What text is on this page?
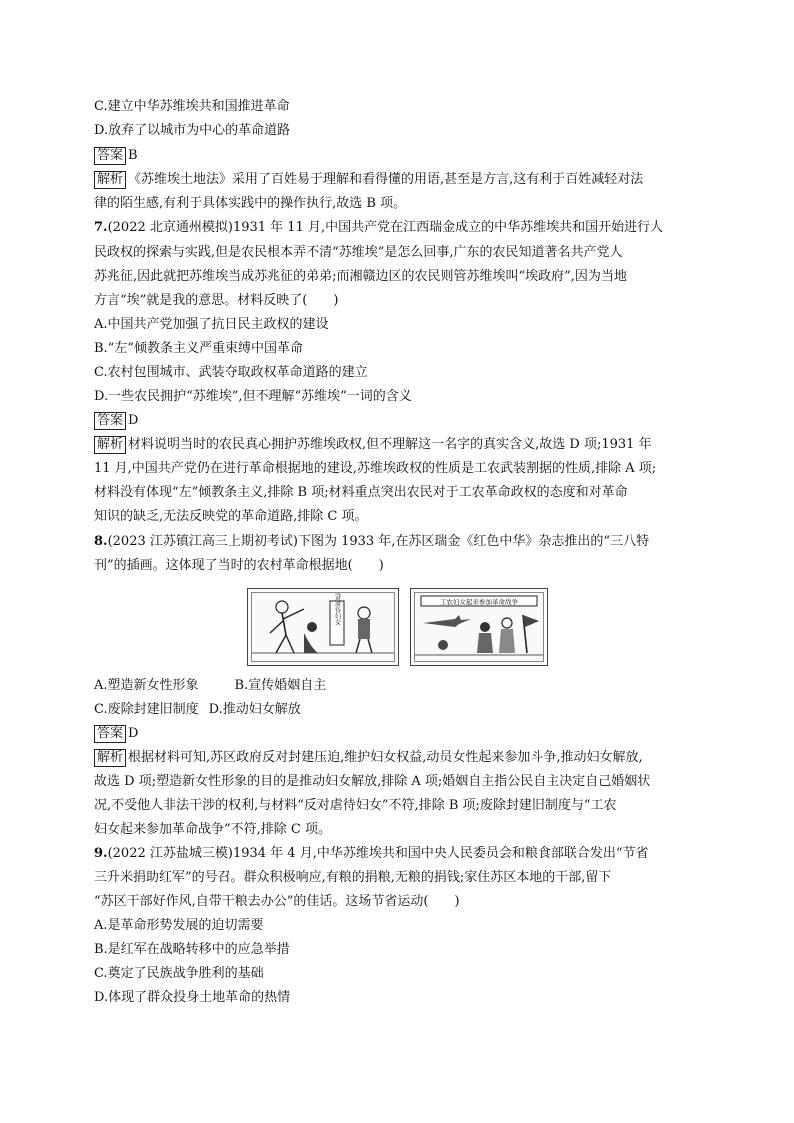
C.建立中华苏维埃共和国推进革命
D.放弃了以城市为中心的革命道路
答案 B
解析 《苏维埃土地法》采用了百姓易于理解和看得懂的用语,甚至是方言,这有利于百姓减轻对法
律的陌生感,有利于具体实践中的操作执行,故选 B 项。
7.(2022 北京通州模拟)1931 年 11 月,中国共产党在江西瑞金成立的中华苏维埃共和国开始进行人
民政权的探索与实践,但是农民根本弄不清“苏维埃”是怎么回事,广东的农民知道著名共产党人
苏兆征,因此就把苏维埃当成苏兆征的弟弟;而湘赣边区的农民则管苏维埃叫“埃政府”,因为当地
方言“埃”就是我的意思。材料反映了(　　)
A.中国共产党加强了抗日民主政权的建设
B.“左”倾教条主义严重束缚中国革命
C.农村包围城市、武装夺取政权革命道路的建立
D.一些农民拥护“苏维埃”,但不理解“苏维埃”一词的含义
答案 D
解析 材料说明当时的农民真心拥护苏维埃政权,但不理解这一名字的真实含义,故选 D 项;1931 年
11 月,中国共产党仍在进行革命根据地的建设,苏维埃政权的性质是工农武装割据的性质,排除 A 项;
材料没有体现“左”倾教条主义,排除 B 项;材料重点突出农民对于工农革命政权的态度和对革命
知识的缺乏,无法反映党的革命道路,排除 C 项。
8.(2023 江苏镇江高三上期初考试)下图为 1933 年,在苏区瑞金《红色中华》杂志推出的“三八特
刊”的插画。这体现了当时的农村革命根据地(　　)
反对虐待妇女	工农妇女起来参加革命战争
A.塑造新女性形象	B.宣传婚姻自主
C.废除封建旧制度 D.推动妇女解放
答案 D
解析 根据材料可知,苏区政府反对封建压迫,维护妇女权益,动员女性起来参加斗争,推动妇女解放,
故选 D 项;塑造新女性形象的目的是推动妇女解放,排除 A 项;婚姻自主指公民自主决定自己婚姻状
况,不受他人非法干涉的权利,与材料“反对虐待妇女”不符,排除 B 项;废除封建旧制度与“工农
妇女起来参加革命战争”不符,排除 C 项。
9.(2022 江苏盐城三模)1934 年 4 月,中华苏维埃共和国中央人民委员会和粮食部联合发出“节省
三升米捐助红军”的号召。群众积极响应,有粮的捐粮,无粮的捐钱;家住苏区本地的干部,留下
“苏区干部好作风,自带干粮去办公”的佳话。这场节省运动(　　)
A.是革命形势发展的迫切需要
B.是红军在战略转移中的应急举措
C.奠定了民族战争胜利的基础
D.体现了群众投身土地革命的热情
